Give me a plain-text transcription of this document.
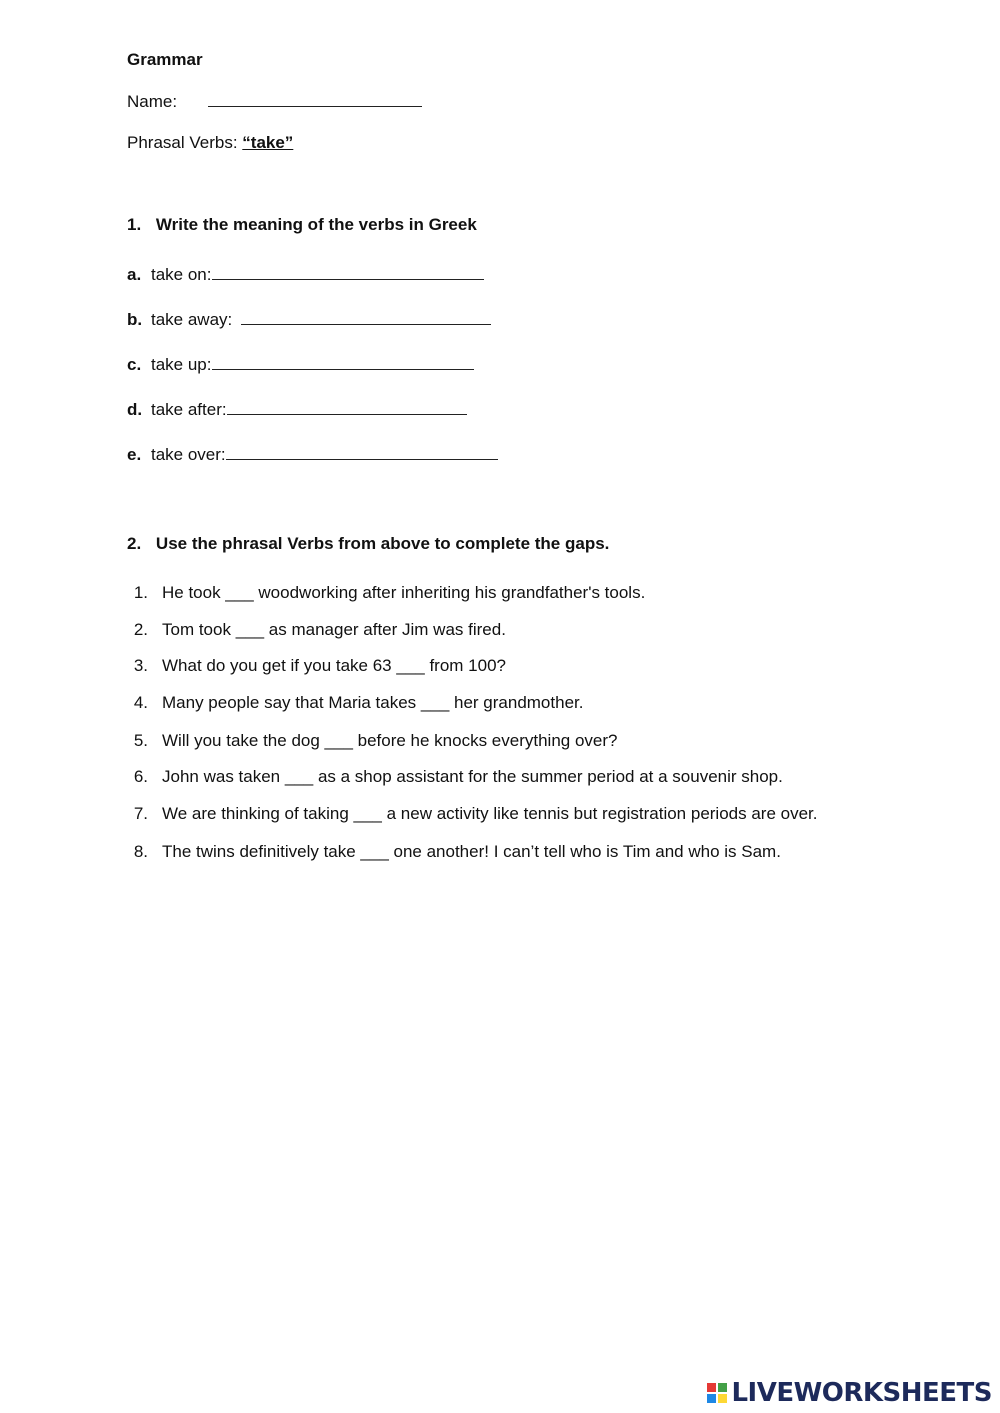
Grammar
Name:
Phrasal Verbs: “take”
1. Write the meaning of the verbs in Greek
a. take on:
b. take away:
c. take up:
d. take after:
e. take over:
2. Use the phrasal Verbs from above to complete the gaps.
1. He took ___ woodworking after inheriting his grandfather's tools.
2. Tom took ___ as manager after Jim was fired.
3. What do you get if you take 63 ___ from 100?
4. Many people say that Maria takes ___ her grandmother.
5. Will you take the dog ___ before he knocks everything over?
6. John was taken ___ as a shop assistant for the summer period at a souvenir shop.
7. We are thinking of taking ___ a new activity like tennis but registration periods are over.
8. The twins definitively take ___ one another! I can’t tell who is Tim and who is Sam.
LIVEWORKSHEETS
